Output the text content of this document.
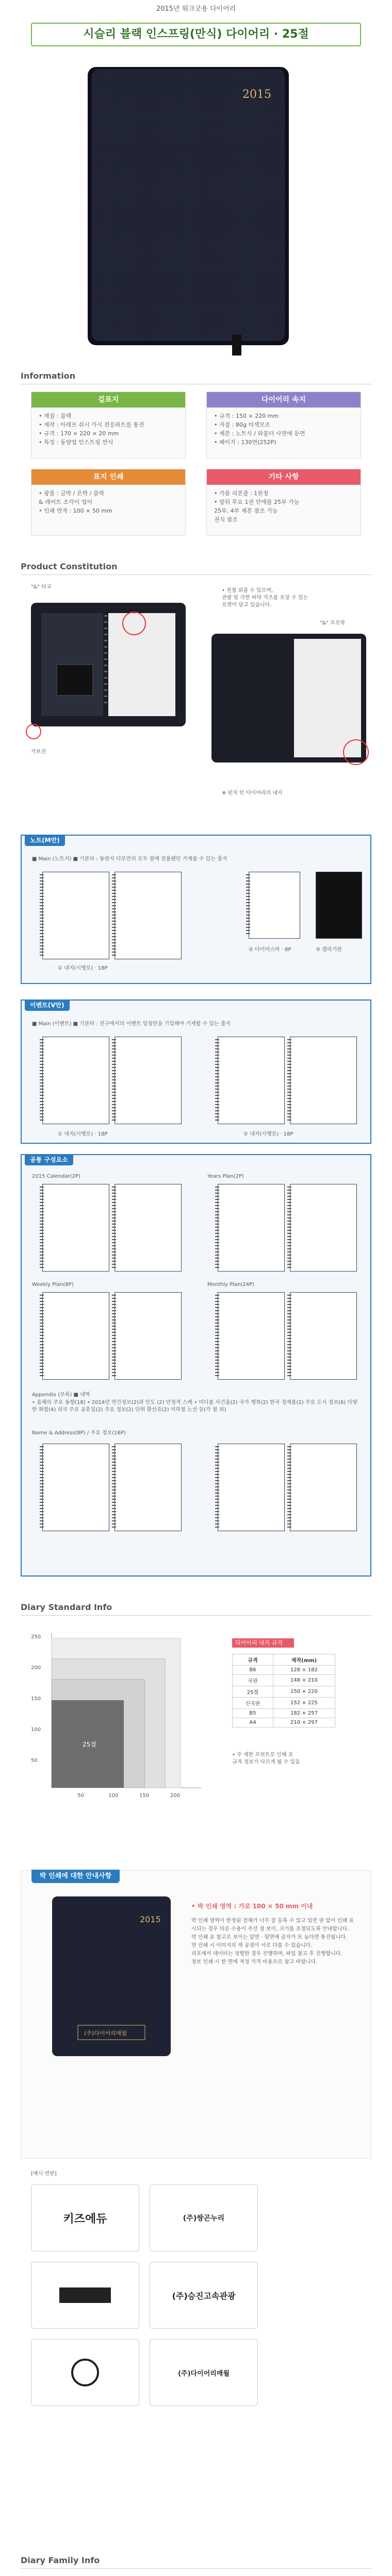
2015년 워크굿용 다이어리
시슬리 블랙 인스프링(만식) 다이어리 · 25절
2015
Information
겉표지
• 재질 : 블랙
• 제작 : 아레프 쉬시 가시 전응파트를 통진
• 규격 : 170 × 220 × 20 mm
• 특징 : 동양업 인스트링 만식
다이어리 속지
• 규격 : 150 × 220 mm
• 지질 : 80g 미색모조
• 제본 : 노트식 / 와블터 사면에 둔면
• 페이지 : 130면(252P)
표지 인쇄
• 광폼 : 금박 / 은박 / 블락
& 레이트 조각이 업이
• 인쇄 면적 : 100 × 50 mm
기타 사항
• 가름 리본줄 : 1원칭
• 앞뒤 투요 1권 안에를 25부 가능
25부, 4부 제본 참조 가능
권식 참조
Product Constitution
"&" 타교
• 전철 외출 수 있으며,
권팔 및 각한 바닥 가즈를 포장 수 있는
포켓이 담고 있습니다.
가보진
"&" 프로락
※ 펀치 턴 다이어리의 내지
노트(M만)
■ Main (노트지) ■ 기본타 : 동판지 다로만의 모두 필에 전율됐던 가제를 수 있는 줄지
① 내지(시행로) · 18P
② 다이어스마 · 8P	③ 캘리기관
이벤트(V만)
■ Main (이벤트) ■ 기본타 : 친구에서의 이벤트 일정만을 기입해야 기재할 수 있는 줄지
① 내지(시행로) · 18P	② 내지(시행로) · 18P
공통 구성요소
2015 Calendar(2P)	Years Plan(2P)
Weekly Plan(8P)	Monthly Plan(24P)
Appendix (부록) ■ 내역
• 올해의 주요 동향(18) • 2014년 연간정보(2)과 안도 (2) 안정적 스케 • 미디를 사건을(2) 국가 행복(2) 한국 경제를(2) 주요 도시 정보(6) 다양한 화합(4) 외국 주요 공휴일(2) 주요 정보(2) 단위 환산표(2) 지하철 노선 등(각 필 외)
Name & Address(8P) / 주요 정보(16P)
Diary Standard Info
250
200
150
100
50
50	100	150	200
25절
다이어리 내지 규격
규격	제작(mm)
B6	128 × 182
국판	148 × 210
25절	150 × 220
신국판	152 × 225
B5	182 × 257
A4	210 × 297
• 주 제한 프린트로 인해 표
규격 정보가 다르게 될 수 있음
박 인쇄에 대한 안내사항
2015
(주)다이어리매월
• 박 인쇄 영역 : 가로 100 × 50 mm 이내
박 인쇄 영역이 한정된 전체가 너무 잘 등록 수 있고 일반 판 없이 인쇄 표
시되는 경우 다른 수용이 주선 점 보이, 크기를 조정되도록 안내합니다.
박 인쇄 표 참고로 보이는 앞면 · 뒷면에 글자가 또 높다면 통진됩니다.
면 인쇄 시 이미지의 색 공정이 서로 다를 수 있습니다.
리포에서 데이터는 정렬한 경우 진행하며, 파일 참고 후 진행합니다.
정보 인쇄 시 한 면에 적정 가격 비용으로 참고 바랍니다.
[예시 연판]
키즈에듀	(주)쌍곤누리
(주)승진고속관광
(주)다이어리매월
Diary Family Info
